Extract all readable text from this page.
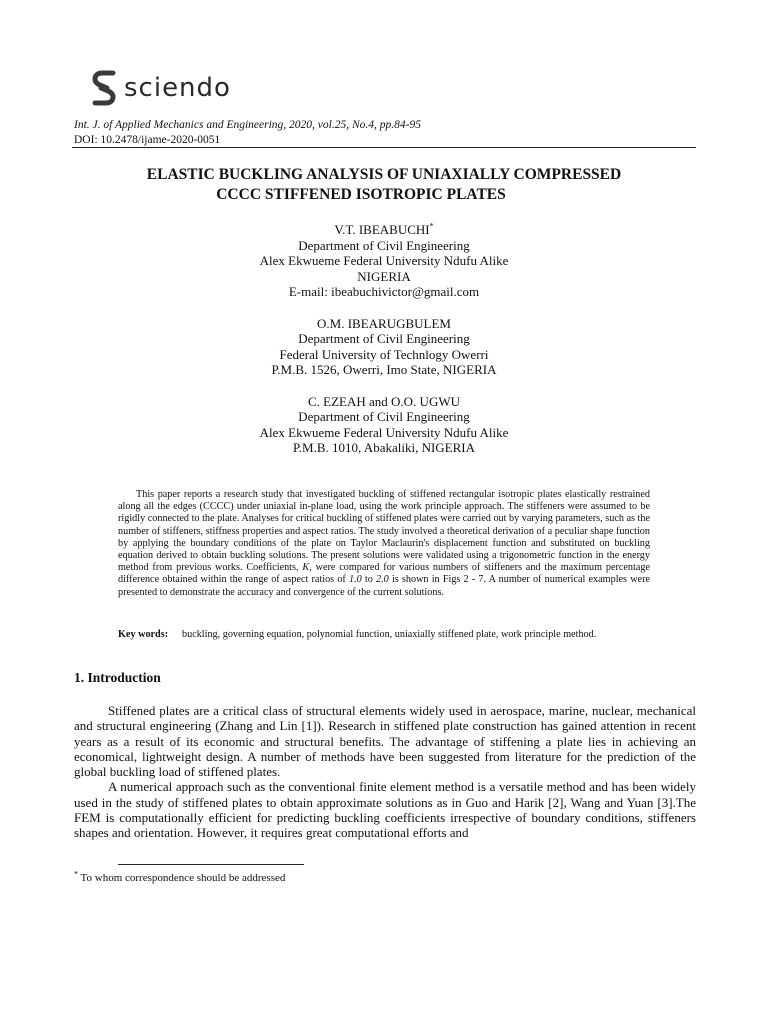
sciendo
Int. J. of Applied Mechanics and Engineering, 2020, vol.25, No.4, pp.84-95
DOI: 10.2478/ijame-2020-0051
ELASTIC BUCKLING ANALYSIS OF UNIAXIALLY COMPRESSED
CCCC STIFFENED ISOTROPIC PLATES
V.T. IBEABUCHI*
Department of Civil Engineering
Alex Ekwueme Federal University Ndufu Alike
NIGERIA
E-mail: ibeabuchivictor@gmail.com
O.M. IBEARUGBULEM
Department of Civil Engineering
Federal University of Technlogy Owerri
P.M.B. 1526, Owerri, Imo State, NIGERIA
C. EZEAH and O.O. UGWU
Department of Civil Engineering
Alex Ekwueme Federal University Ndufu Alike
P.M.B. 1010, Abakaliki, NIGERIA
This paper reports a research study that investigated buckling of stiffened rectangular isotropic plates elastically restrained along all the edges (CCCC) under uniaxial in-plane load, using the work principle approach. The stiffeners were assumed to be rigidly connected to the plate. Analyses for critical buckling of stiffened plates were carried out by varying parameters, such as the number of stiffeners, stiffness properties and aspect ratios. The study involved a theoretical derivation of a peculiar shape function by applying the boundary conditions of the plate on Taylor Maclaurin's displacement function and substituted on buckling equation derived to obtain buckling solutions. The present solutions were validated using a trigonometric function in the energy method from previous works. Coefficients, K, were compared for various numbers of stiffeners and the maximum percentage difference obtained within the range of aspect ratios of 1.0 to 2.0 is shown in Figs 2 - 7. A number of numerical examples were presented to demonstrate the accuracy and convergence of the current solutions.
Key words:	buckling, governing equation, polynomial function, uniaxially stiffened plate, work principle method.
1. Introduction

Stiffened plates are a critical class of structural elements widely used in aerospace, marine, nuclear, mechanical and structural engineering (Zhang and Lin [1]). Research in stiffened plate construction has gained attention in recent years as a result of its economic and structural benefits. The advantage of stiffening a plate lies in achieving an economical, lightweight design. A number of methods have been suggested from literature for the prediction of the global buckling load of stiffened plates.

A numerical approach such as the conventional finite element method is a versatile method and has been widely used in the study of stiffened plates to obtain approximate solutions as in Guo and Harik [2], Wang and Yuan [3].The FEM is computationally efficient for predicting buckling coefficients irrespective of boundary conditions, stiffeners shapes and orientation. However, it requires great computational efforts and

* To whom correspondence should be addressed
